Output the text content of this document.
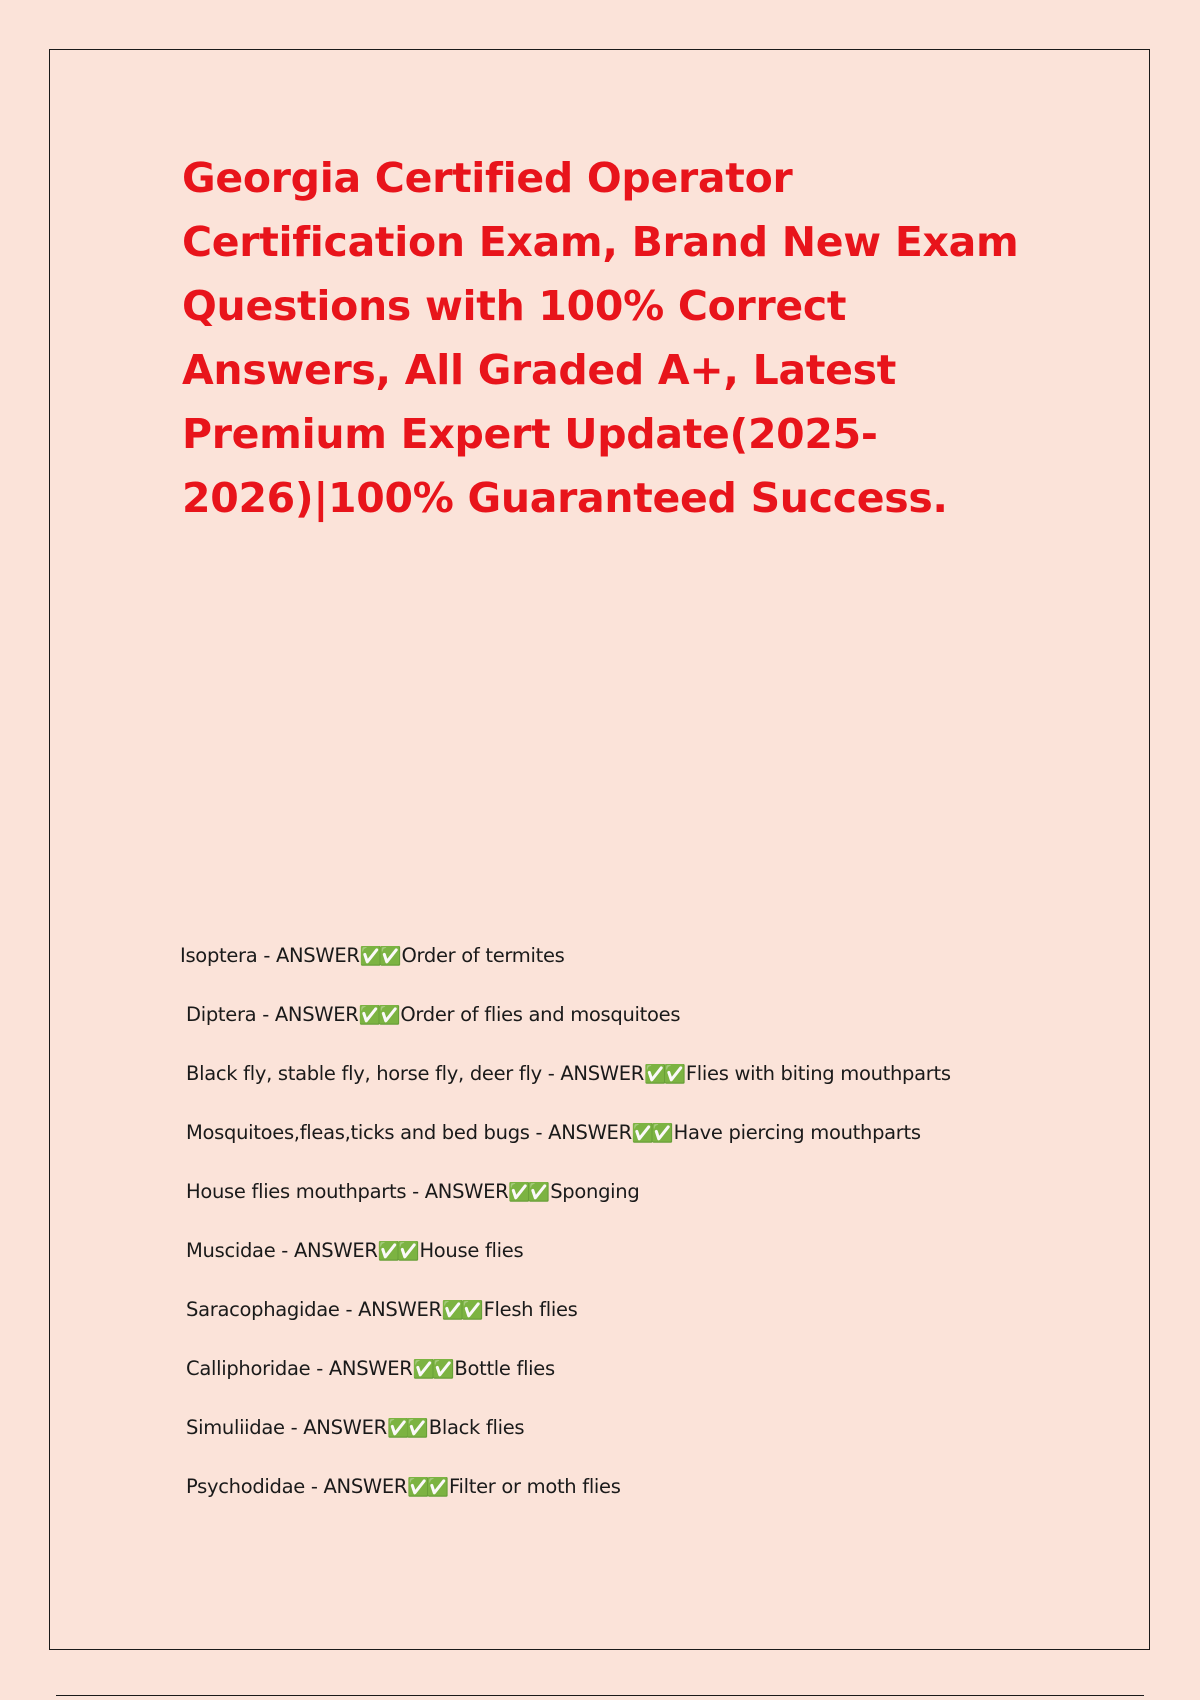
Georgia Certified Operator Certification Exam, Brand New Exam Questions with 100% Correct Answers, All Graded A+, Latest Premium Expert Update(2025-2026)|100% Guaranteed Success.
Isoptera - ANSWER✅✅ Order of termites
Diptera - ANSWER✅✅ Order of flies and mosquitoes
Black fly, stable fly, horse fly, deer fly - ANSWER✅✅ Flies with biting mouthparts
Mosquitoes,fleas,ticks and bed bugs - ANSWER✅✅ Have piercing mouthparts
House flies mouthparts - ANSWER✅✅ Sponging
Muscidae - ANSWER✅✅ House flies
Saracophagidae - ANSWER✅✅ Flesh flies
Calliphoridae - ANSWER✅✅ Bottle flies
Simuliidae - ANSWER✅✅ Black flies
Psychodidae - ANSWER✅✅ Filter or moth flies
